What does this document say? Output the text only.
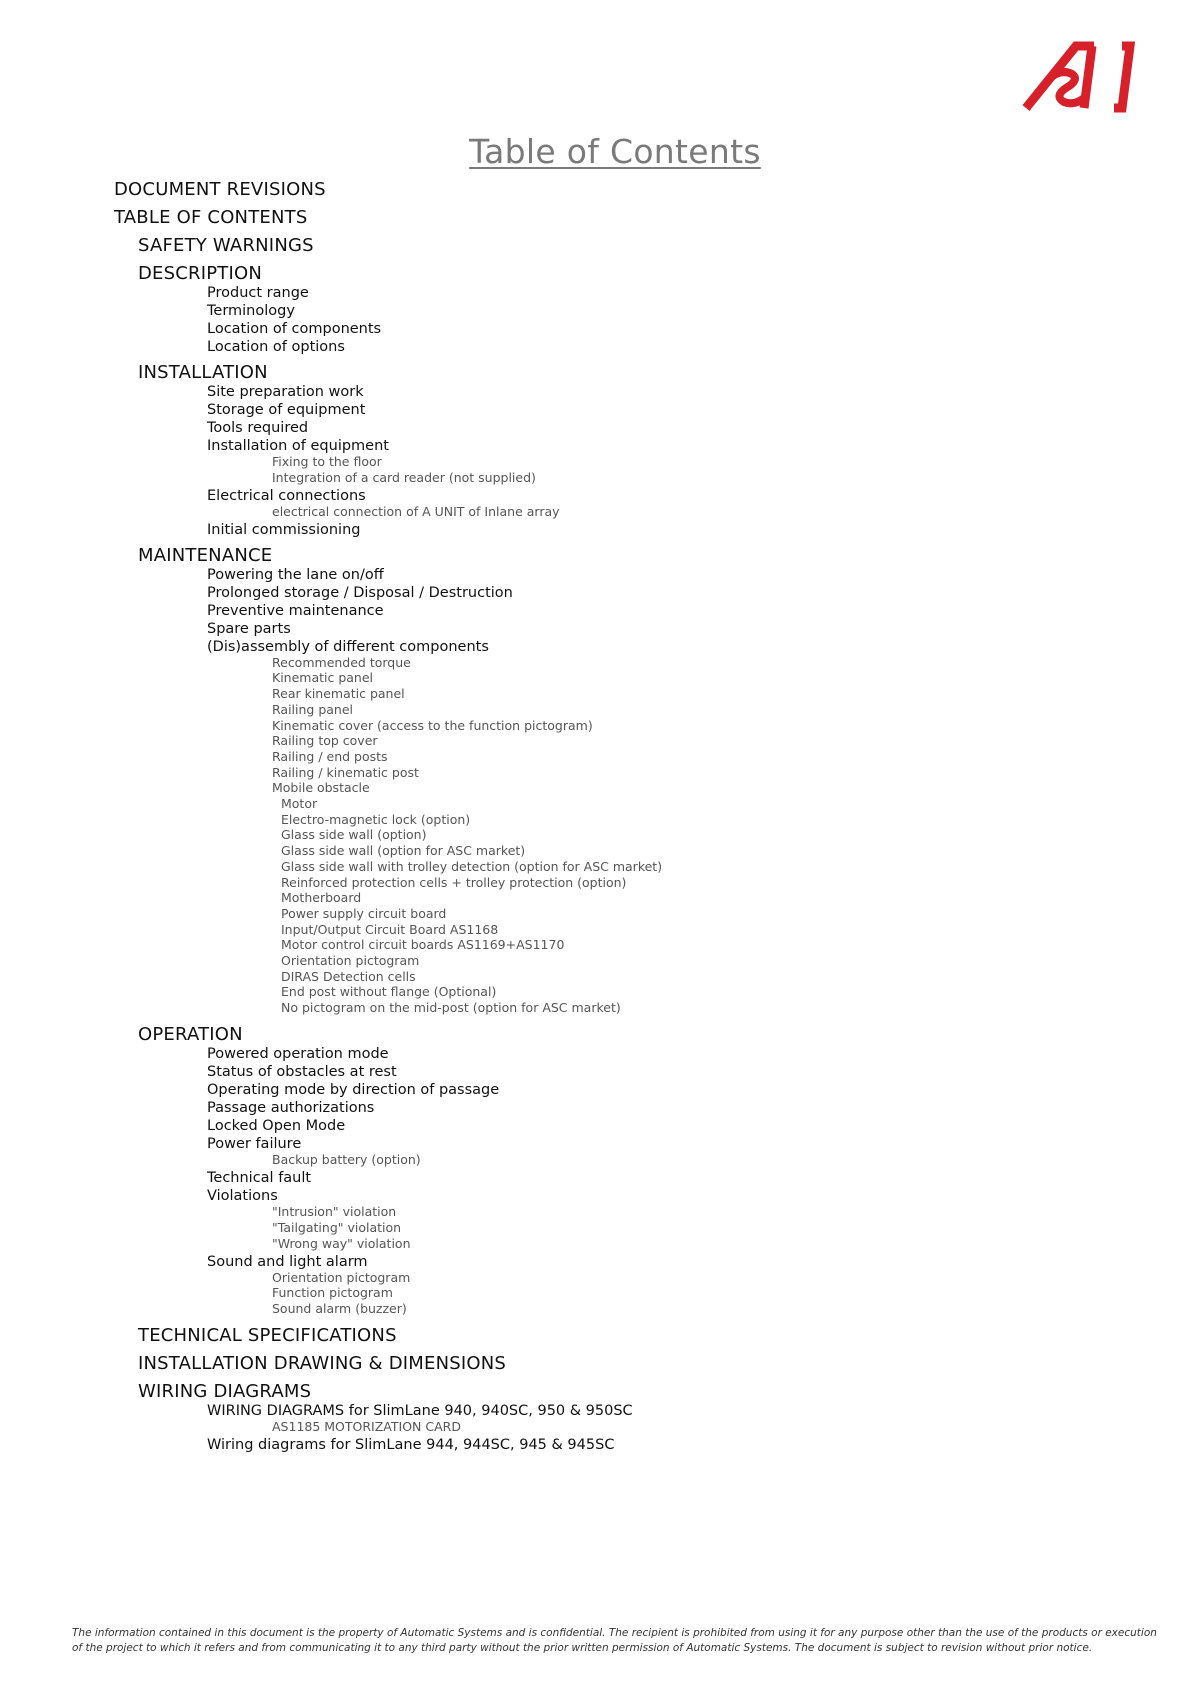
Table of Contents
DOCUMENT REVISIONS
TABLE OF CONTENTS
SAFETY WARNINGS
DESCRIPTION
Product range
Terminology
Location of components
Location of options
INSTALLATION
Site preparation work
Storage of equipment
Tools required
Installation of equipment
Fixing to the floor
Integration of a card reader (not supplied)
Electrical connections
electrical connection of A UNIT of Inlane array
Initial commissioning
MAINTENANCE
Powering the lane on/off
Prolonged storage / Disposal / Destruction
Preventive maintenance
Spare parts
(Dis)assembly of different components
Recommended torque
Kinematic panel
Rear kinematic panel
Railing panel
Kinematic cover (access to the function pictogram)
Railing top cover
Railing / end posts
Railing / kinematic post
Mobile obstacle
Motor
Electro-magnetic lock (option)
Glass side wall (option)
Glass side wall (option for ASC market)
Glass side wall with trolley detection (option for ASC market)
Reinforced protection cells + trolley protection (option)
Motherboard
Power supply circuit board
Input/Output Circuit Board AS1168
Motor control circuit boards AS1169+AS1170
Orientation pictogram
DIRAS Detection cells
End post without flange (Optional)
No pictogram on the mid-post (option for ASC market)
OPERATION
Powered operation mode
Status of obstacles at rest
Operating mode by direction of passage
Passage authorizations
Locked Open Mode
Power failure
Backup battery (option)
Technical fault
Violations
"Intrusion" violation
"Tailgating" violation
"Wrong way" violation
Sound and light alarm
Orientation pictogram
Function pictogram
Sound alarm (buzzer)
TECHNICAL SPECIFICATIONS
INSTALLATION DRAWING & DIMENSIONS
WIRING DIAGRAMS
WIRING DIAGRAMS for SlimLane 940, 940SC, 950 & 950SC
AS1185 MOTORIZATION CARD
Wiring diagrams for SlimLane 944, 944SC, 945 & 945SC
The information contained in this document is the property of Automatic Systems and is confidential. The recipient is prohibited from using it for any purpose other than the use of the products or execution
of the project to which it refers and from communicating it to any third party without the prior written permission of Automatic Systems. The document is subject to revision without prior notice.
